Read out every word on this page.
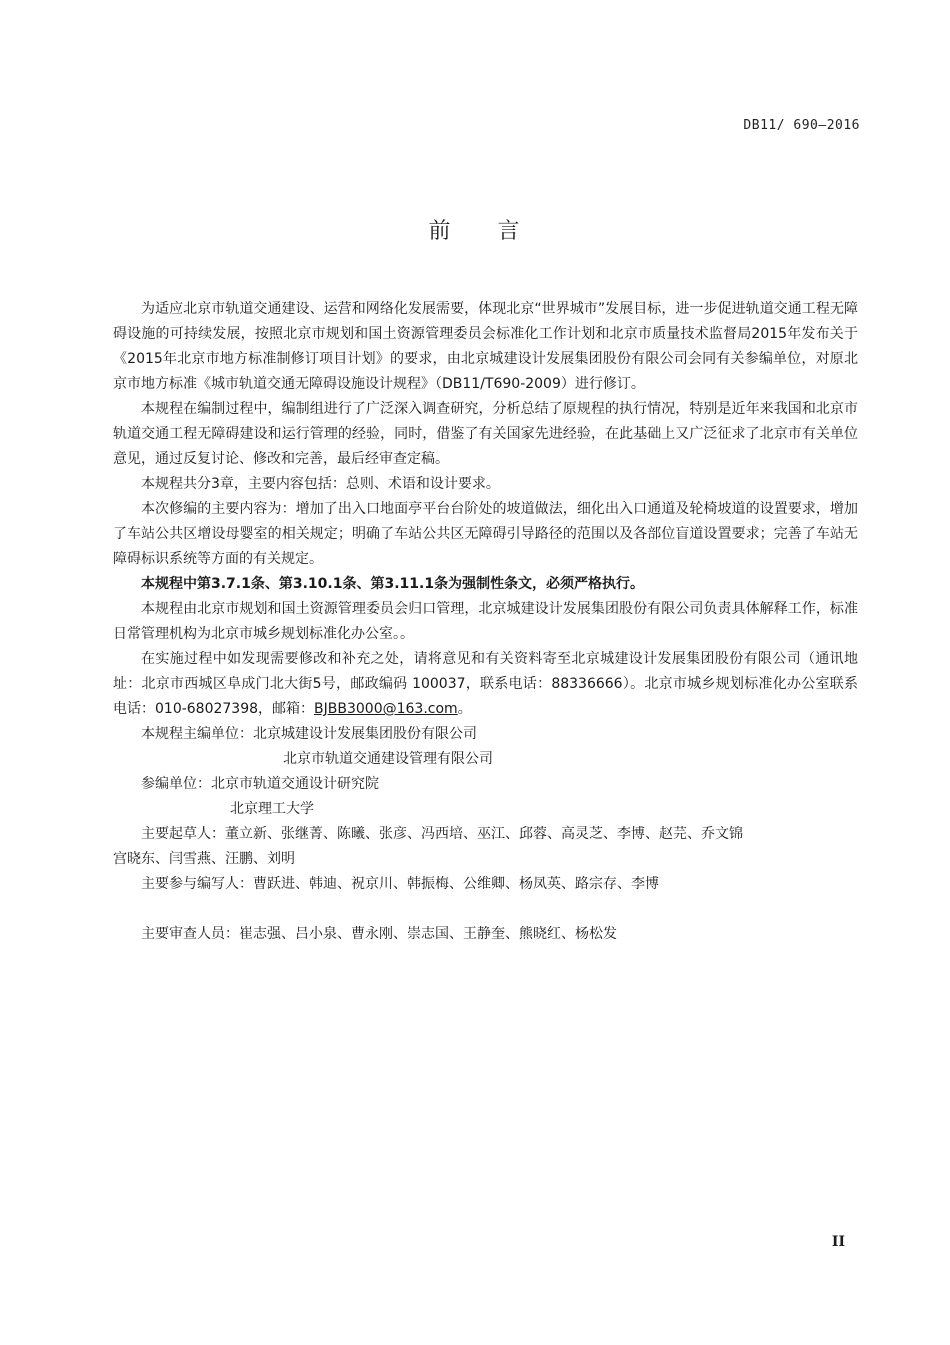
DB11/ 690—2016
前 言

为适应北京市轨道交通建设、运营和网络化发展需要，体现北京“世界城市”发展目标，进一步促进轨道交通工程无障碍设施的可持续发展，按照北京市规划和国土资源管理委员会标准化工作计划和北京市质量技术监督局2015年发布关于《2015年北京市地方标准制修订项目计划》的要求，由北京城建设计发展集团股份有限公司会同有关参编单位，对原北京市地方标准《城市轨道交通无障碍设施设计规程》（DB11/T690-2009）进行修订。

本规程在编制过程中，编制组进行了广泛深入调查研究，分析总结了原规程的执行情况，特别是近年来我国和北京市轨道交通工程无障碍建设和运行管理的经验，同时，借鉴了有关国家先进经验，在此基础上又广泛征求了北京市有关单位意见，通过反复讨论、修改和完善，最后经审查定稿。

本规程共分3章，主要内容包括：总则、术语和设计要求。

本次修编的主要内容为：增加了出入口地面亭平台台阶处的坡道做法，细化出入口通道及轮椅坡道的设置要求，增加了车站公共区增设母婴室的相关规定；明确了车站公共区无障碍引导路径的范围以及各部位盲道设置要求；完善了车站无障碍标识系统等方面的有关规定。

本规程中第3.7.1条、第3.10.1条、第3.11.1条为强制性条文，必须严格执行。

本规程由北京市规划和国土资源管理委员会归口管理，北京城建设计发展集团股份有限公司负责具体解释工作，标准日常管理机构为北京市城乡规划标准化办公室。。

在实施过程中如发现需要修改和补充之处，请将意见和有关资料寄至北京城建设计发展集团股份有限公司（通讯地址：北京市西城区阜成门北大街5号，邮政编码 100037，联系电话：88336666）。北京市城乡规划标准化办公室联系电话：010-68027398，邮箱：BJBB3000@163.com。

本规程主编单位：北京城建设计发展集团股份有限公司

北京市轨道交通建设管理有限公司

参编单位：北京市轨道交通设计研究院

北京理工大学

主要起草人：董立新、张继菁、陈曦、张彦、冯西培、巫江、邱蓉、高灵芝、李博、赵芫、乔文锦

宫晓东、闫雪燕、汪鹏、刘明

主要参与编写人：曹跃进、韩迪、祝京川、韩振梅、公维卿、杨凤英、路宗存、李博

主要审查人员：崔志强、吕小泉、曹永刚、崇志国、王静奎、熊晓红、杨松发

II
